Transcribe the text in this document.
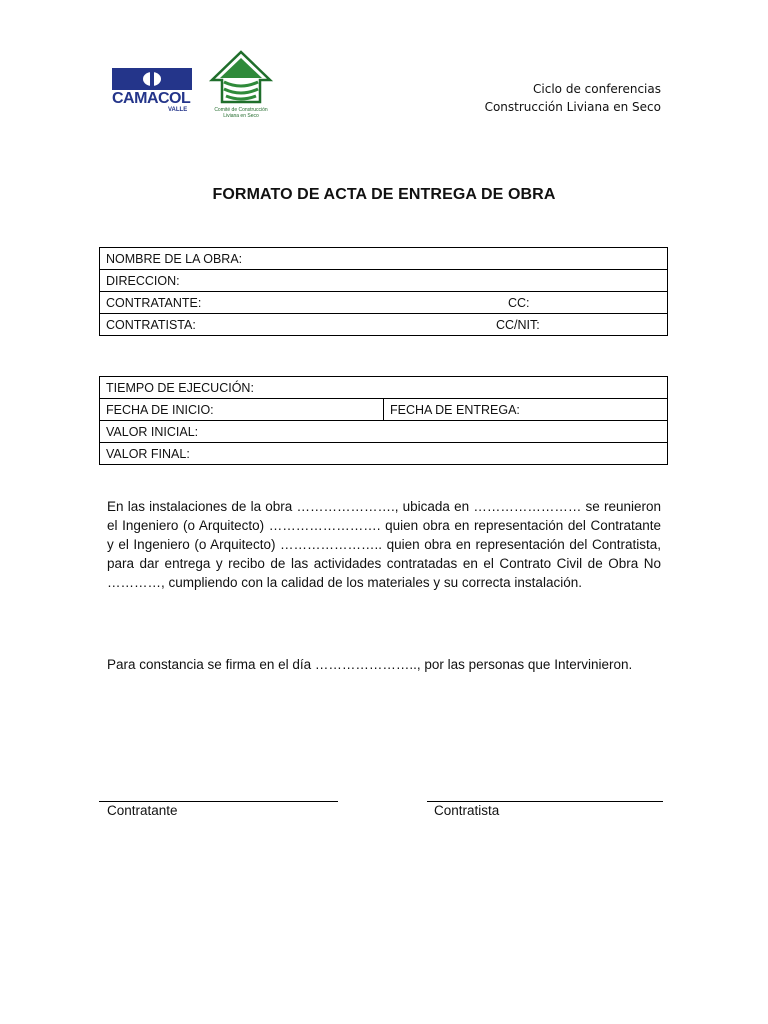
CAMACOL
VALLE	Comité de Construcción Liviana en Seco
Ciclo de conferencias
Construcción Liviana en Seco
FORMATO DE ACTA DE ENTREGA DE OBRA
NOMBRE DE LA OBRA:
DIRECCION:
CONTRATANTE:	CC:

CONTRATISTA:	CC/NIT:
TIEMPO DE EJECUCIÓN:
FECHA DE INICIO:	FECHA DE ENTREGA:
VALOR INICIAL:
VALOR FINAL:
En las instalaciones de la obra …………………., ubicada en …………………… se reunieron el Ingeniero (o Arquitecto) ……………………. quien obra en representación del Contratante y el Ingeniero (o Arquitecto) ………………….. quien obra en representación del Contratista, para dar entrega y recibo de las actividades contratadas en el Contrato Civil de Obra No …………, cumpliendo con la calidad de los materiales y su correcta instalación.
Para constancia se firma en el día ………………….., por las personas que Intervinieron.
Contratante	Contratista
